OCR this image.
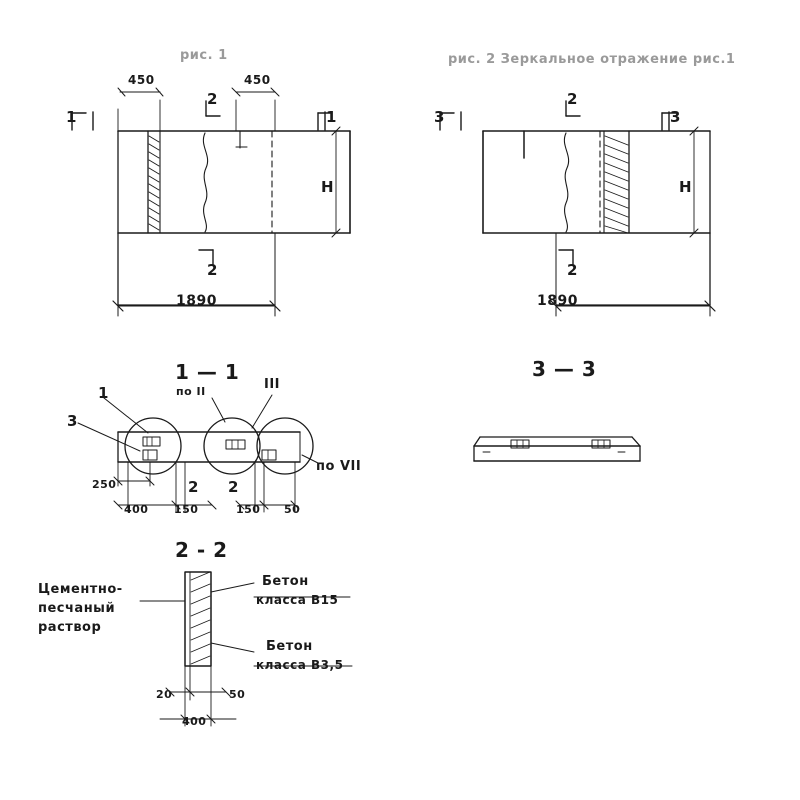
рис. 1	рис. 2 Зеркальное отражение рис.1
450	450
1890
H
1	1
2
2
1890
H
3	3
2
2
1 — 1
1
3
по II	III
по VII
2 2
250
400 150	150 50
3 — 3
2 - 2
Цементно-
песчаный
раствор
Бетон
класса В15
Бетон
класса В3,5
20	50
400
